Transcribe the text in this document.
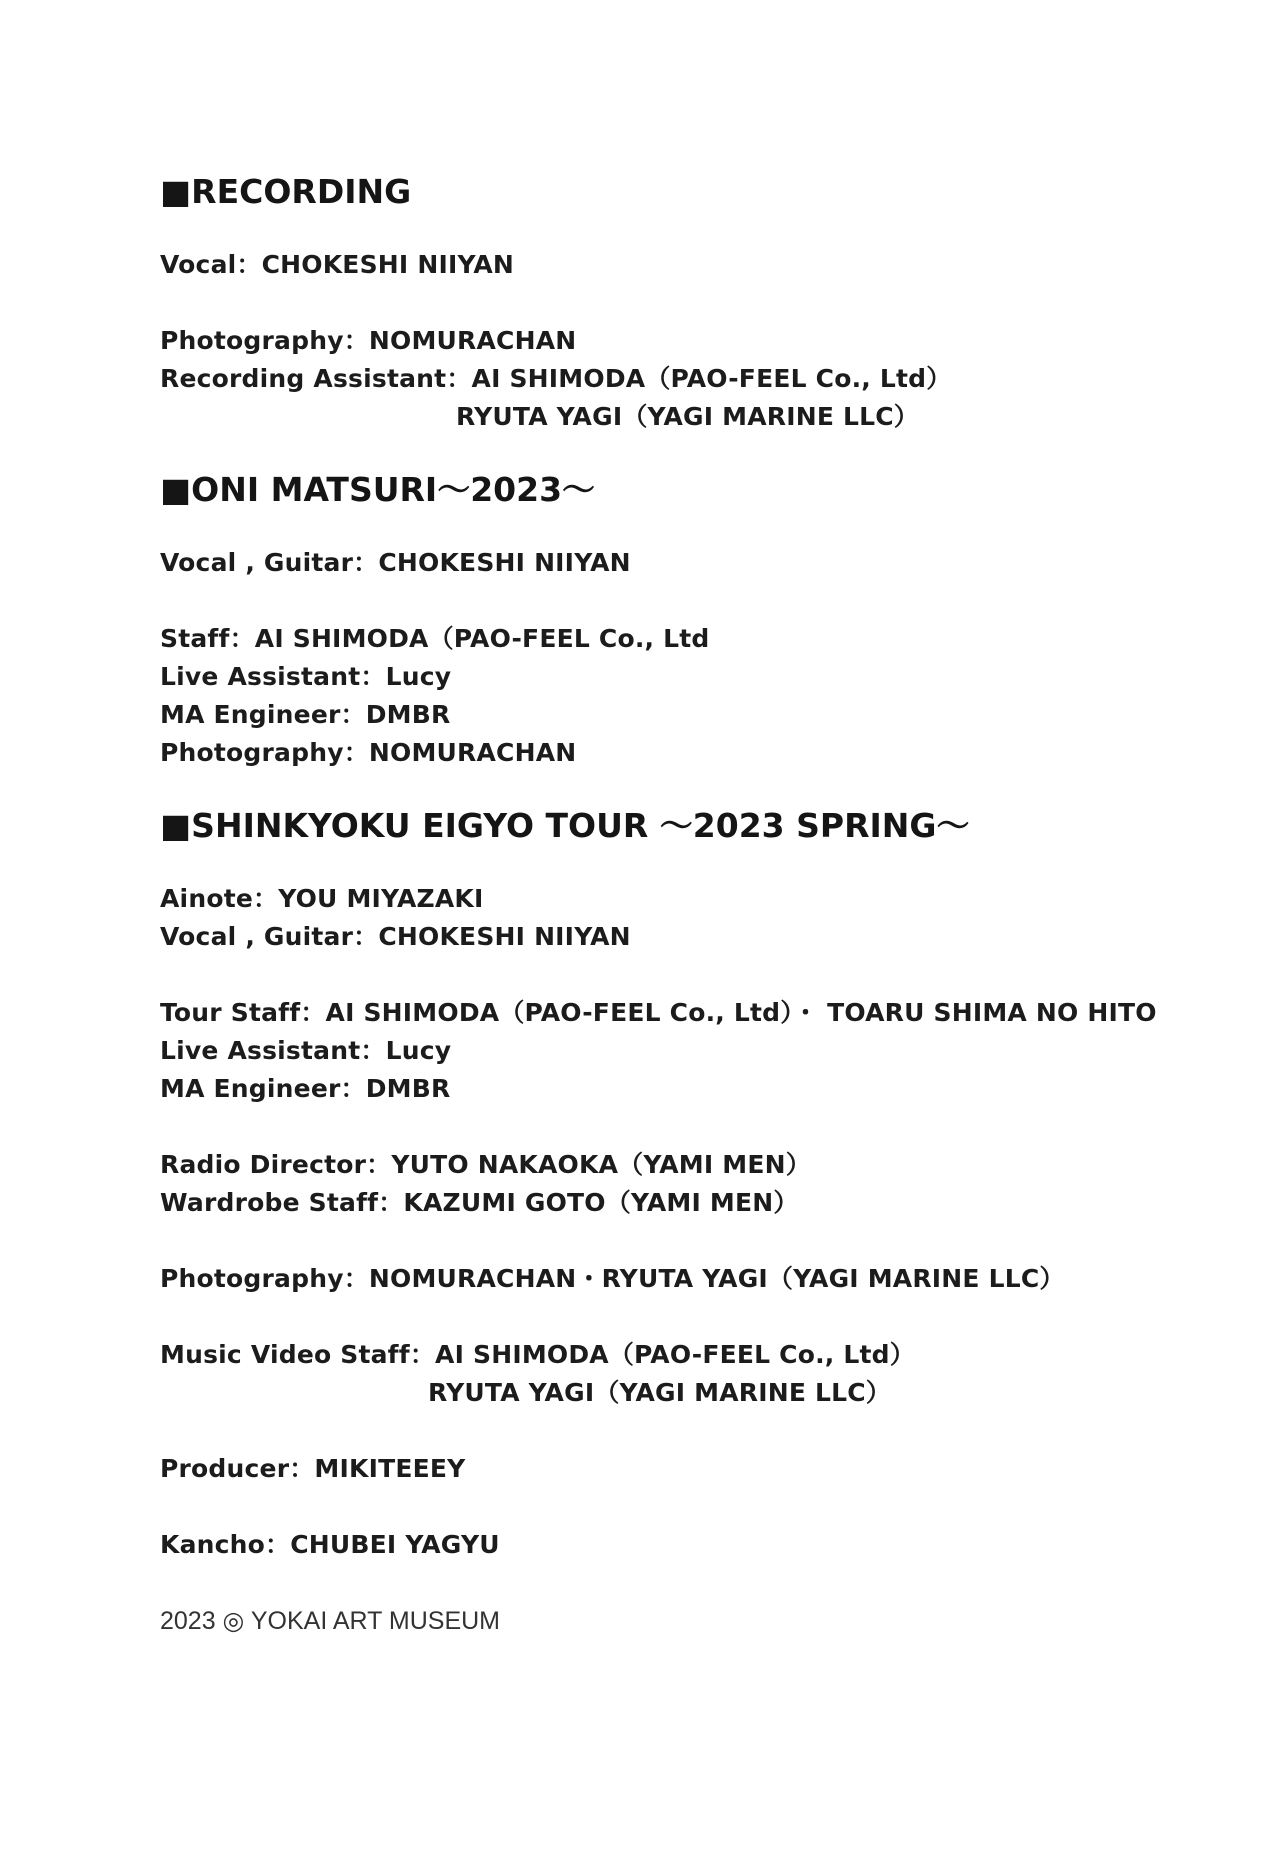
■RECORDING
Vocal：CHOKESHI NIIYAN
Photography：NOMURACHAN
Recording Assistant：AI SHIMODA（PAO-FEEL Co., Ltd）
RYUTA YAGI（YAGI MARINE LLC）
■ONI MATSURI～2023～
Vocal , Guitar：CHOKESHI NIIYAN
Staff：AI SHIMODA（PAO-FEEL Co., Ltd
Live Assistant：Lucy
MA Engineer：DMBR
Photography：NOMURACHAN
■SHINKYOKU EIGYO TOUR ～2023 SPRING～
Ainote：YOU MIYAZAKI
Vocal , Guitar：CHOKESHI NIIYAN
Tour Staff：AI SHIMODA（PAO-FEEL Co., Ltd）・ TOARU SHIMA NO HITO
Live Assistant：Lucy
MA Engineer：DMBR
Radio Director：YUTO NAKAOKA（YAMI MEN）
Wardrobe Staff：KAZUMI GOTO（YAMI MEN）
Photography：NOMURACHAN・RYUTA YAGI（YAGI MARINE LLC）
Music Video Staff：AI SHIMODA（PAO-FEEL Co., Ltd）
RYUTA YAGI（YAGI MARINE LLC）
Producer：MIKITEEEY
Kancho：CHUBEI YAGYU
2023 ◎ YOKAI ART MUSEUM
